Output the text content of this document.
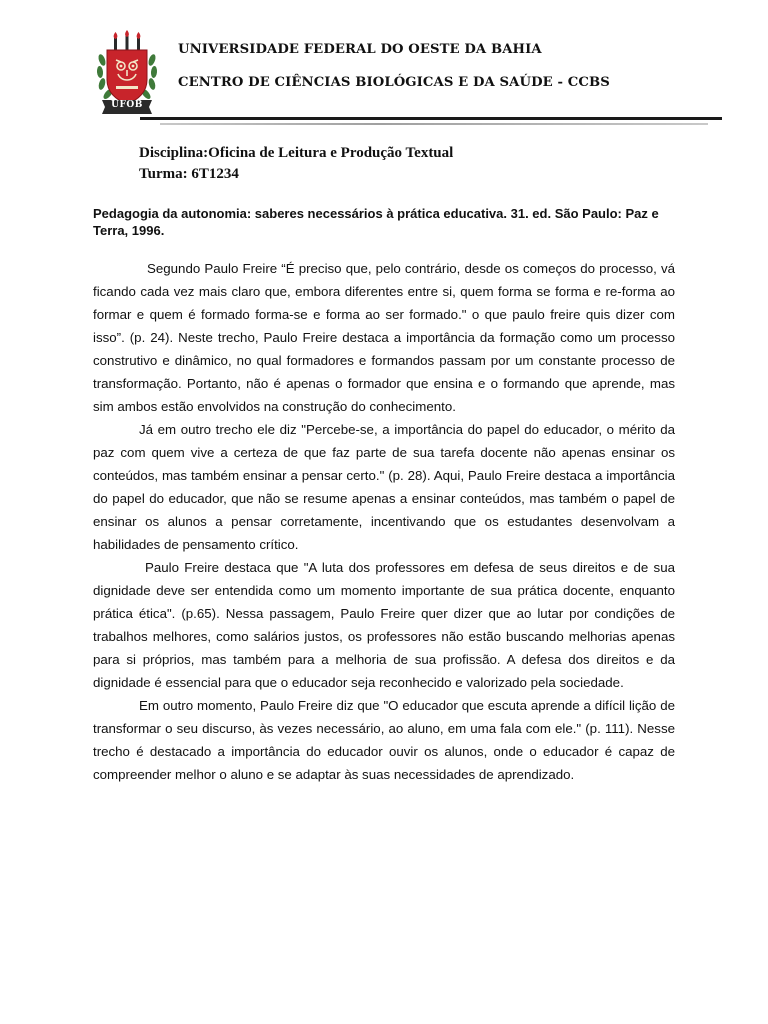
UFOB
UNIVERSIDADE FEDERAL DO OESTE DA BAHIA
CENTRO DE CIÊNCIAS BIOLÓGICAS E DA SAÚDE - CCBS
Disciplina:Oficina de Leitura e Produção Textual
Turma: 6T1234
Pedagogia da autonomia: saberes necessários à prática educativa. 31. ed. São Paulo: Paz e Terra, 1996.

Segundo Paulo Freire “É preciso que, pelo contrário, desde os começos do processo, vá ficando cada vez mais claro que, embora diferentes entre si, quem forma se forma e re-forma ao formar e quem é formado forma-se e forma ao ser formado." o que paulo freire quis dizer com isso”. (p. 24). Neste trecho, Paulo Freire destaca a importância da formação como um processo construtivo e dinâmico, no qual formadores e formandos passam por um constante processo de transformação. Portanto, não é apenas o formador que ensina e o formando que aprende, mas sim ambos estão envolvidos na construção do conhecimento.

Já em outro trecho ele diz "Percebe-se, a importância do papel do educador, o mérito da paz com quem vive a certeza de que faz parte de sua tarefa docente não apenas ensinar os conteúdos, mas também ensinar a pensar certo." (p. 28). Aqui, Paulo Freire destaca a importância do papel do educador, que não se resume apenas a ensinar conteúdos, mas também o papel de ensinar os alunos a pensar corretamente, incentivando que os estudantes desenvolvam a habilidades de pensamento crítico.

Paulo Freire destaca que "A luta dos professores em defesa de seus direitos e de sua dignidade deve ser entendida como um momento importante de sua prática docente, enquanto prática ética". (p.65). Nessa passagem, Paulo Freire quer dizer que ao lutar por condições de trabalhos melhores, como salários justos, os professores não estão buscando melhorias apenas para si próprios, mas também para a melhoria de sua profissão. A defesa dos direitos e da dignidade é essencial para que o educador seja reconhecido e valorizado pela sociedade.

Em outro momento, Paulo Freire diz que "O educador que escuta aprende a difícil lição de transformar o seu discurso, às vezes necessário, ao aluno, em uma fala com ele." (p. 111). Nesse trecho é destacado a importância do educador ouvir os alunos, onde o educador é capaz de compreender melhor o aluno e se adaptar às suas necessidades de aprendizado.
